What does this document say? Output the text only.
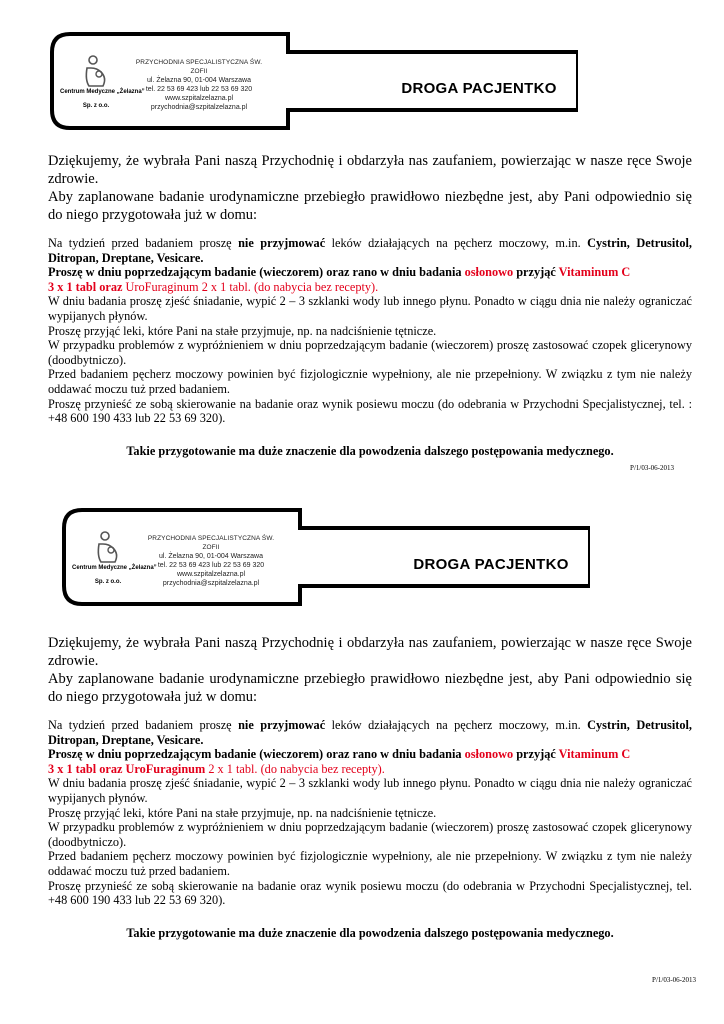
Centrum Medyczne „Żelazna”
Sp. z o.o.
PRZYCHODNIA SPECJALISTYCZNA ŚW. ZOFII
ul. Żelazna 90, 01-004 Warszawa
tel. 22 53 69 423 lub 22 53 69 320
www.szpitalzelazna.pl
przychodnia@szpitalzelazna.pl
DROGA PACJENTKO

Dziękujemy, że wybrała Pani naszą Przychodnię i obdarzyła nas zaufaniem, powierzając w nasze ręce Swoje zdrowie.

Aby zaplanowane badanie urodynamiczne przebiegło prawidłowo niezbędne jest, aby Pani odpowiednio się do niego przygotowała już w domu:

Na tydzień przed badaniem proszę nie przyjmować leków działających na pęcherz moczowy, m.in. Cystrin, Detrusitol, Ditropan, Dreptane, Vesicare.

Proszę w dniu poprzedzającym badanie (wieczorem) oraz rano w dniu badania osłonowo przyjąć Vitaminum C

3 x 1 tabl oraz UroFuraginum 2 x 1 tabl. (do nabycia bez recepty).

W dniu badania proszę zjeść śniadanie, wypić 2 – 3 szklanki wody lub innego płynu. Ponadto w ciągu dnia nie należy ograniczać wypijanych płynów.

Proszę przyjąć leki, które Pani na stałe przyjmuje, np. na nadciśnienie tętnicze.

W przypadku problemów z wypróżnieniem w dniu poprzedzającym badanie (wieczorem) proszę zastosować czopek glicerynowy (doodbytniczo).

Przed badaniem pęcherz moczowy powinien być fizjologicznie wypełniony, ale nie przepełniony. W związku z tym nie należy oddawać moczu tuż przed badaniem.

Proszę przynieść ze sobą skierowanie na badanie oraz wynik posiewu moczu (do odebrania w Przychodni Specjalistycznej, tel. : +48 600 190 433 lub 22 53 69 320).

Takie przygotowanie ma duże znaczenie dla powodzenia dalszego postępowania medycznego.

P/1/03-06-2013
Centrum Medyczne „Żelazna”
Sp. z o.o.
PRZYCHODNIA SPECJALISTYCZNA ŚW. ZOFII
ul. Żelazna 90, 01-004 Warszawa
tel. 22 53 69 423 lub 22 53 69 320
www.szpitalzelazna.pl
przychodnia@szpitalzelazna.pl
DROGA PACJENTKO

Dziękujemy, że wybrała Pani naszą Przychodnię i obdarzyła nas zaufaniem, powierzając w nasze ręce Swoje zdrowie.

Aby zaplanowane badanie urodynamiczne przebiegło prawidłowo niezbędne jest, aby Pani odpowiednio się do niego przygotowała już w domu:

Na tydzień przed badaniem proszę nie przyjmować leków działających na pęcherz moczowy, m.in. Cystrin, Detrusitol, Ditropan, Dreptane, Vesicare.

Proszę w dniu poprzedzającym badanie (wieczorem) oraz rano w dniu badania osłonowo przyjąć Vitaminum C

3 x 1 tabl oraz UroFuraginum 2 x 1 tabl. (do nabycia bez recepty).

W dniu badania proszę zjeść śniadanie, wypić 2 – 3 szklanki wody lub innego płynu. Ponadto w ciągu dnia nie należy ograniczać wypijanych płynów.

Proszę przyjąć leki, które Pani na stałe przyjmuje, np. na nadciśnienie tętnicze.

W przypadku problemów z wypróżnieniem w dniu poprzedzającym badanie (wieczorem) proszę zastosować czopek glicerynowy (doodbytniczo).

Przed badaniem pęcherz moczowy powinien być fizjologicznie wypełniony, ale nie przepełniony. W związku z tym nie należy oddawać moczu tuż przed badaniem.

Proszę przynieść ze sobą skierowanie na badanie oraz wynik posiewu moczu (do odebrania w Przychodni Specjalistycznej, tel. +48 600 190 433 lub 22 53 69 320).

Takie przygotowanie ma duże znaczenie dla powodzenia dalszego postępowania medycznego.

P/1/03-06-2013
